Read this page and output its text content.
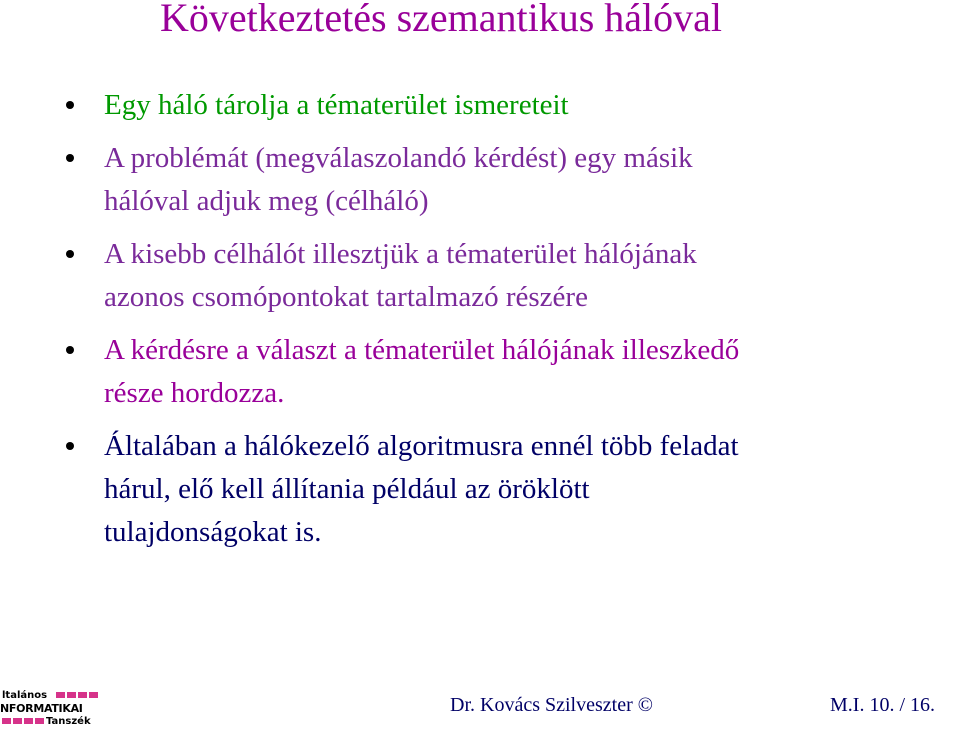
Következtetés szemantikus hálóval
Egy háló tárolja a tématerület ismereteit
A problémát (megválaszolandó kérdést) egy másik
hálóval adjuk meg (célháló)
A kisebb célhálót illesztjük a tématerület hálójának
azonos csomópontokat tartalmazó részére
A kérdésre a választ a tématerület hálójának illeszkedő
része hordozza.
Általában a hálókezelő algoritmusra ennél több feladat
hárul, elő kell állítania például az öröklött
tulajdonságokat is.
ltalános
NFORMATIKAI
Tanszék
Dr. Kovács Szilveszter ©	M.I. 10. / 16.
